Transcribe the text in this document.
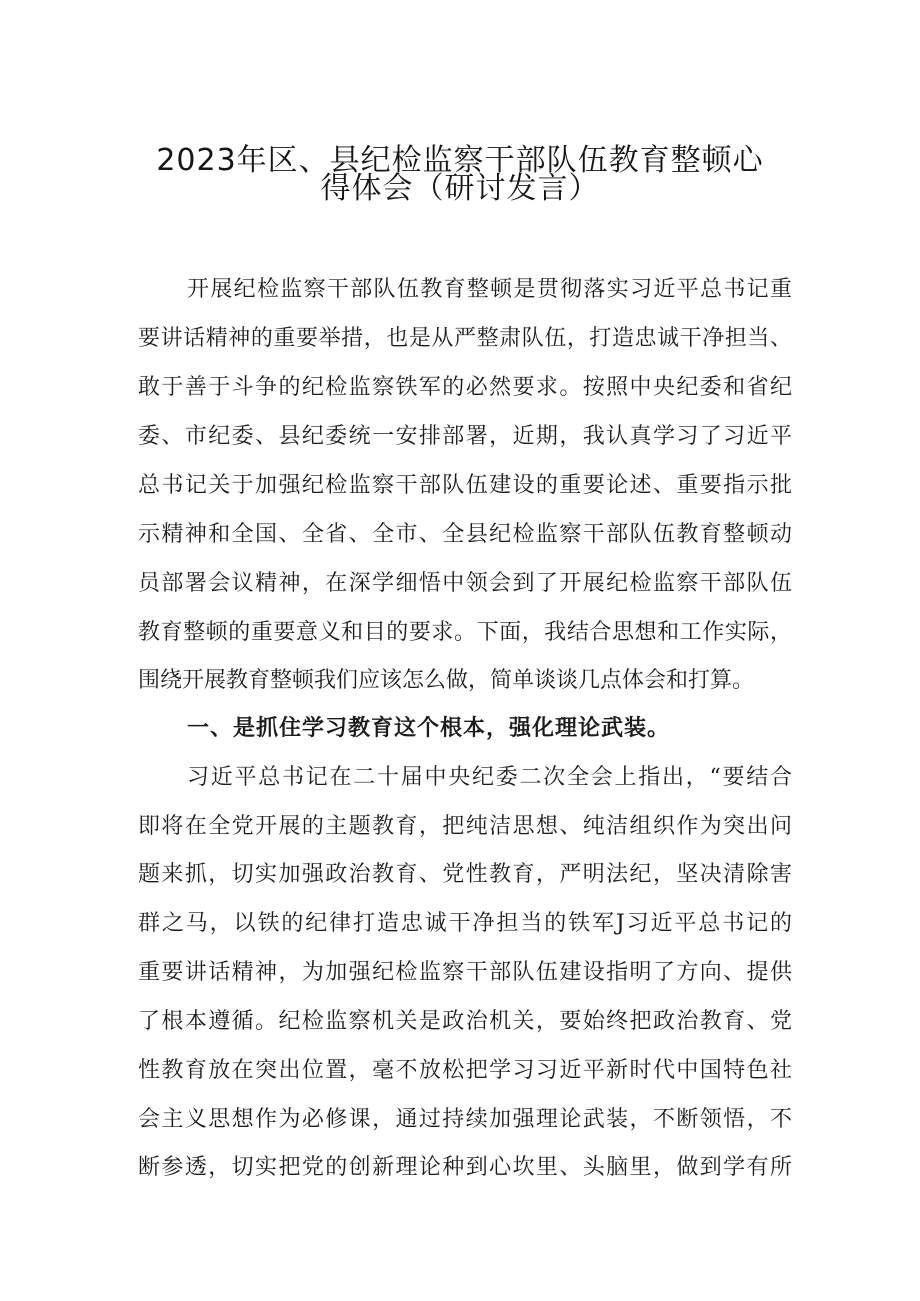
2023年区、县纪检监察干部队伍教育整顿心
得体会（研讨发言）
开展纪检监察干部队伍教育整顿是贯彻落实习近平总书记重
要讲话精神的重要举措，也是从严整肃队伍，打造忠诚干净担当、
敢于善于斗争的纪检监察铁军的必然要求。按照中央纪委和省纪
委、市纪委、县纪委统一安排部署，近期，我认真学习了习近平
总书记关于加强纪检监察干部队伍建设的重要论述、重要指示批
示精神和全国、全省、全市、全县纪检监察干部队伍教育整顿动
员部署会议精神，在深学细悟中领会到了开展纪检监察干部队伍
教育整顿的重要意义和目的要求。下面，我结合思想和工作实际，
围绕开展教育整顿我们应该怎么做，简单谈谈几点体会和打算。
一、是抓住学习教育这个根本，强化理论武装。
习近平总书记在二十届中央纪委二次全会上指出，“要结合
即将在全党开展的主题教育，把纯洁思想、纯洁组织作为突出问
题来抓，切实加强政治教育、党性教育，严明法纪，坚决清除害
群之马，以铁的纪律打造忠诚干净担当的铁军J习近平总书记的
重要讲话精神，为加强纪检监察干部队伍建设指明了方向、提供
了根本遵循。纪检监察机关是政治机关，要始终把政治教育、党
性教育放在突出位置，毫不放松把学习习近平新时代中国特色社
会主义思想作为必修课，通过持续加强理论武装，不断领悟，不
断参透，切实把党的创新理论种到心坎里、头脑里，做到学有所
